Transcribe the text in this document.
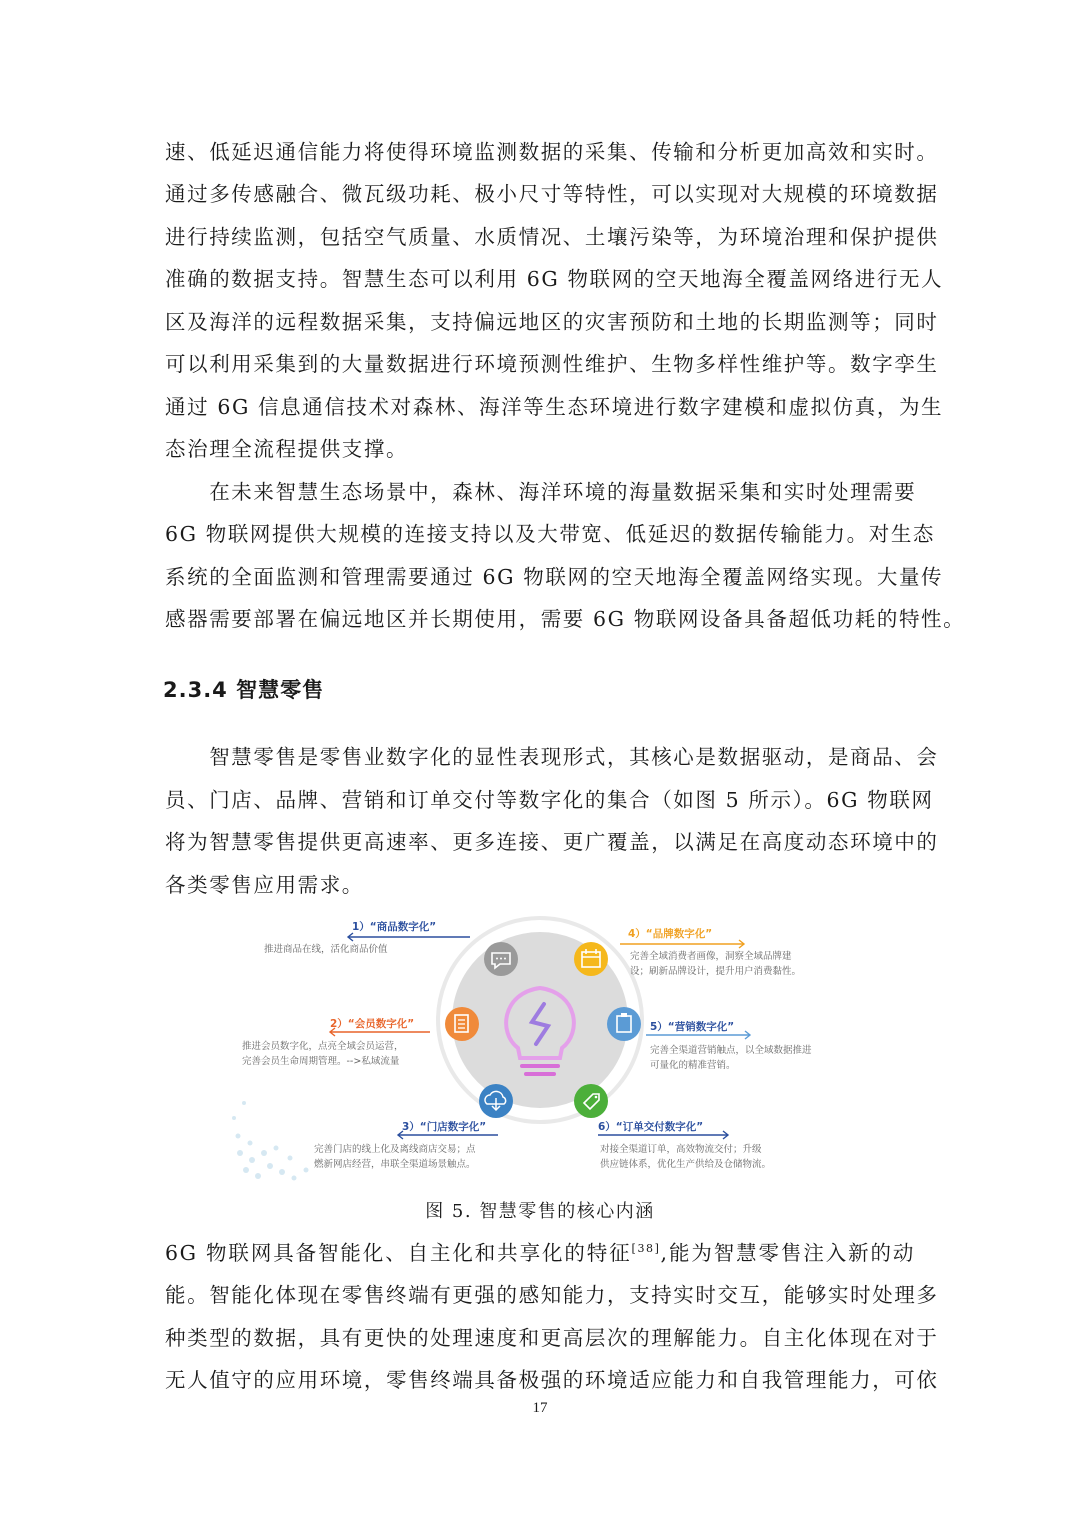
速、低延迟通信能力将使得环境监测数据的采集、传输和分析更加高效和实时。
通过多传感融合、微瓦级功耗、极小尺寸等特性，可以实现对大规模的环境数据
进行持续监测，包括空气质量、水质情况、土壤污染等，为环境治理和保护提供
准确的数据支持。智慧生态可以利用 6G 物联网的空天地海全覆盖网络进行无人
区及海洋的远程数据采集，支持偏远地区的灾害预防和土地的长期监测等；同时
可以利用采集到的大量数据进行环境预测性维护、生物多样性维护等。数字孪生
通过 6G 信息通信技术对森林、海洋等生态环境进行数字建模和虚拟仿真，为生
态治理全流程提供支撑。
　　在未来智慧生态场景中，森林、海洋环境的海量数据采集和实时处理需要
6G 物联网提供大规模的连接支持以及大带宽、低延迟的数据传输能力。对生态
系统的全面监测和管理需要通过 6G 物联网的空天地海全覆盖网络实现。大量传
感器需要部署在偏远地区并长期使用，需要 6G 物联网设备具备超低功耗的特性。
2.3.4 智慧零售
　　智慧零售是零售业数字化的显性表现形式，其核心是数据驱动，是商品、会
员、门店、品牌、营销和订单交付等数字化的集合（如图 5 所示）。6G 物联网
将为智慧零售提供更高速率、更多连接、更广覆盖，以满足在高度动态环境中的
各类零售应用需求。
1）“商品数字化”
推进商品在线，活化商品价值
2）“会员数字化”
推进会员数字化，点亮全域会员运营，
完善会员生命周期管理。-->私域流量
3）“门店数字化”
完善门店的线上化及离线商店交易；点
燃新网店经营，串联全渠道场景触点。
4）“品牌数字化”
完善全域消费者画像，洞察全域品牌建
设；刷新品牌设计，提升用户消费黏性。
5）“营销数字化”
完善全渠道营销触点，以全域数据推进
可量化的精准营销。
6）“订单交付数字化”
对接全渠道订单，高效物流交付；升级
供应链体系，优化生产供给及仓储物流。
图 5. 智慧零售的核心内涵
6G 物联网具备智能化、自主化和共享化的特征[38],能为智慧零售注入新的动
能。智能化体现在零售终端有更强的感知能力，支持实时交互，能够实时处理多
种类型的数据，具有更快的处理速度和更高层次的理解能力。自主化体现在对于
无人值守的应用环境，零售终端具备极强的环境适应能力和自我管理能力，可依
17
